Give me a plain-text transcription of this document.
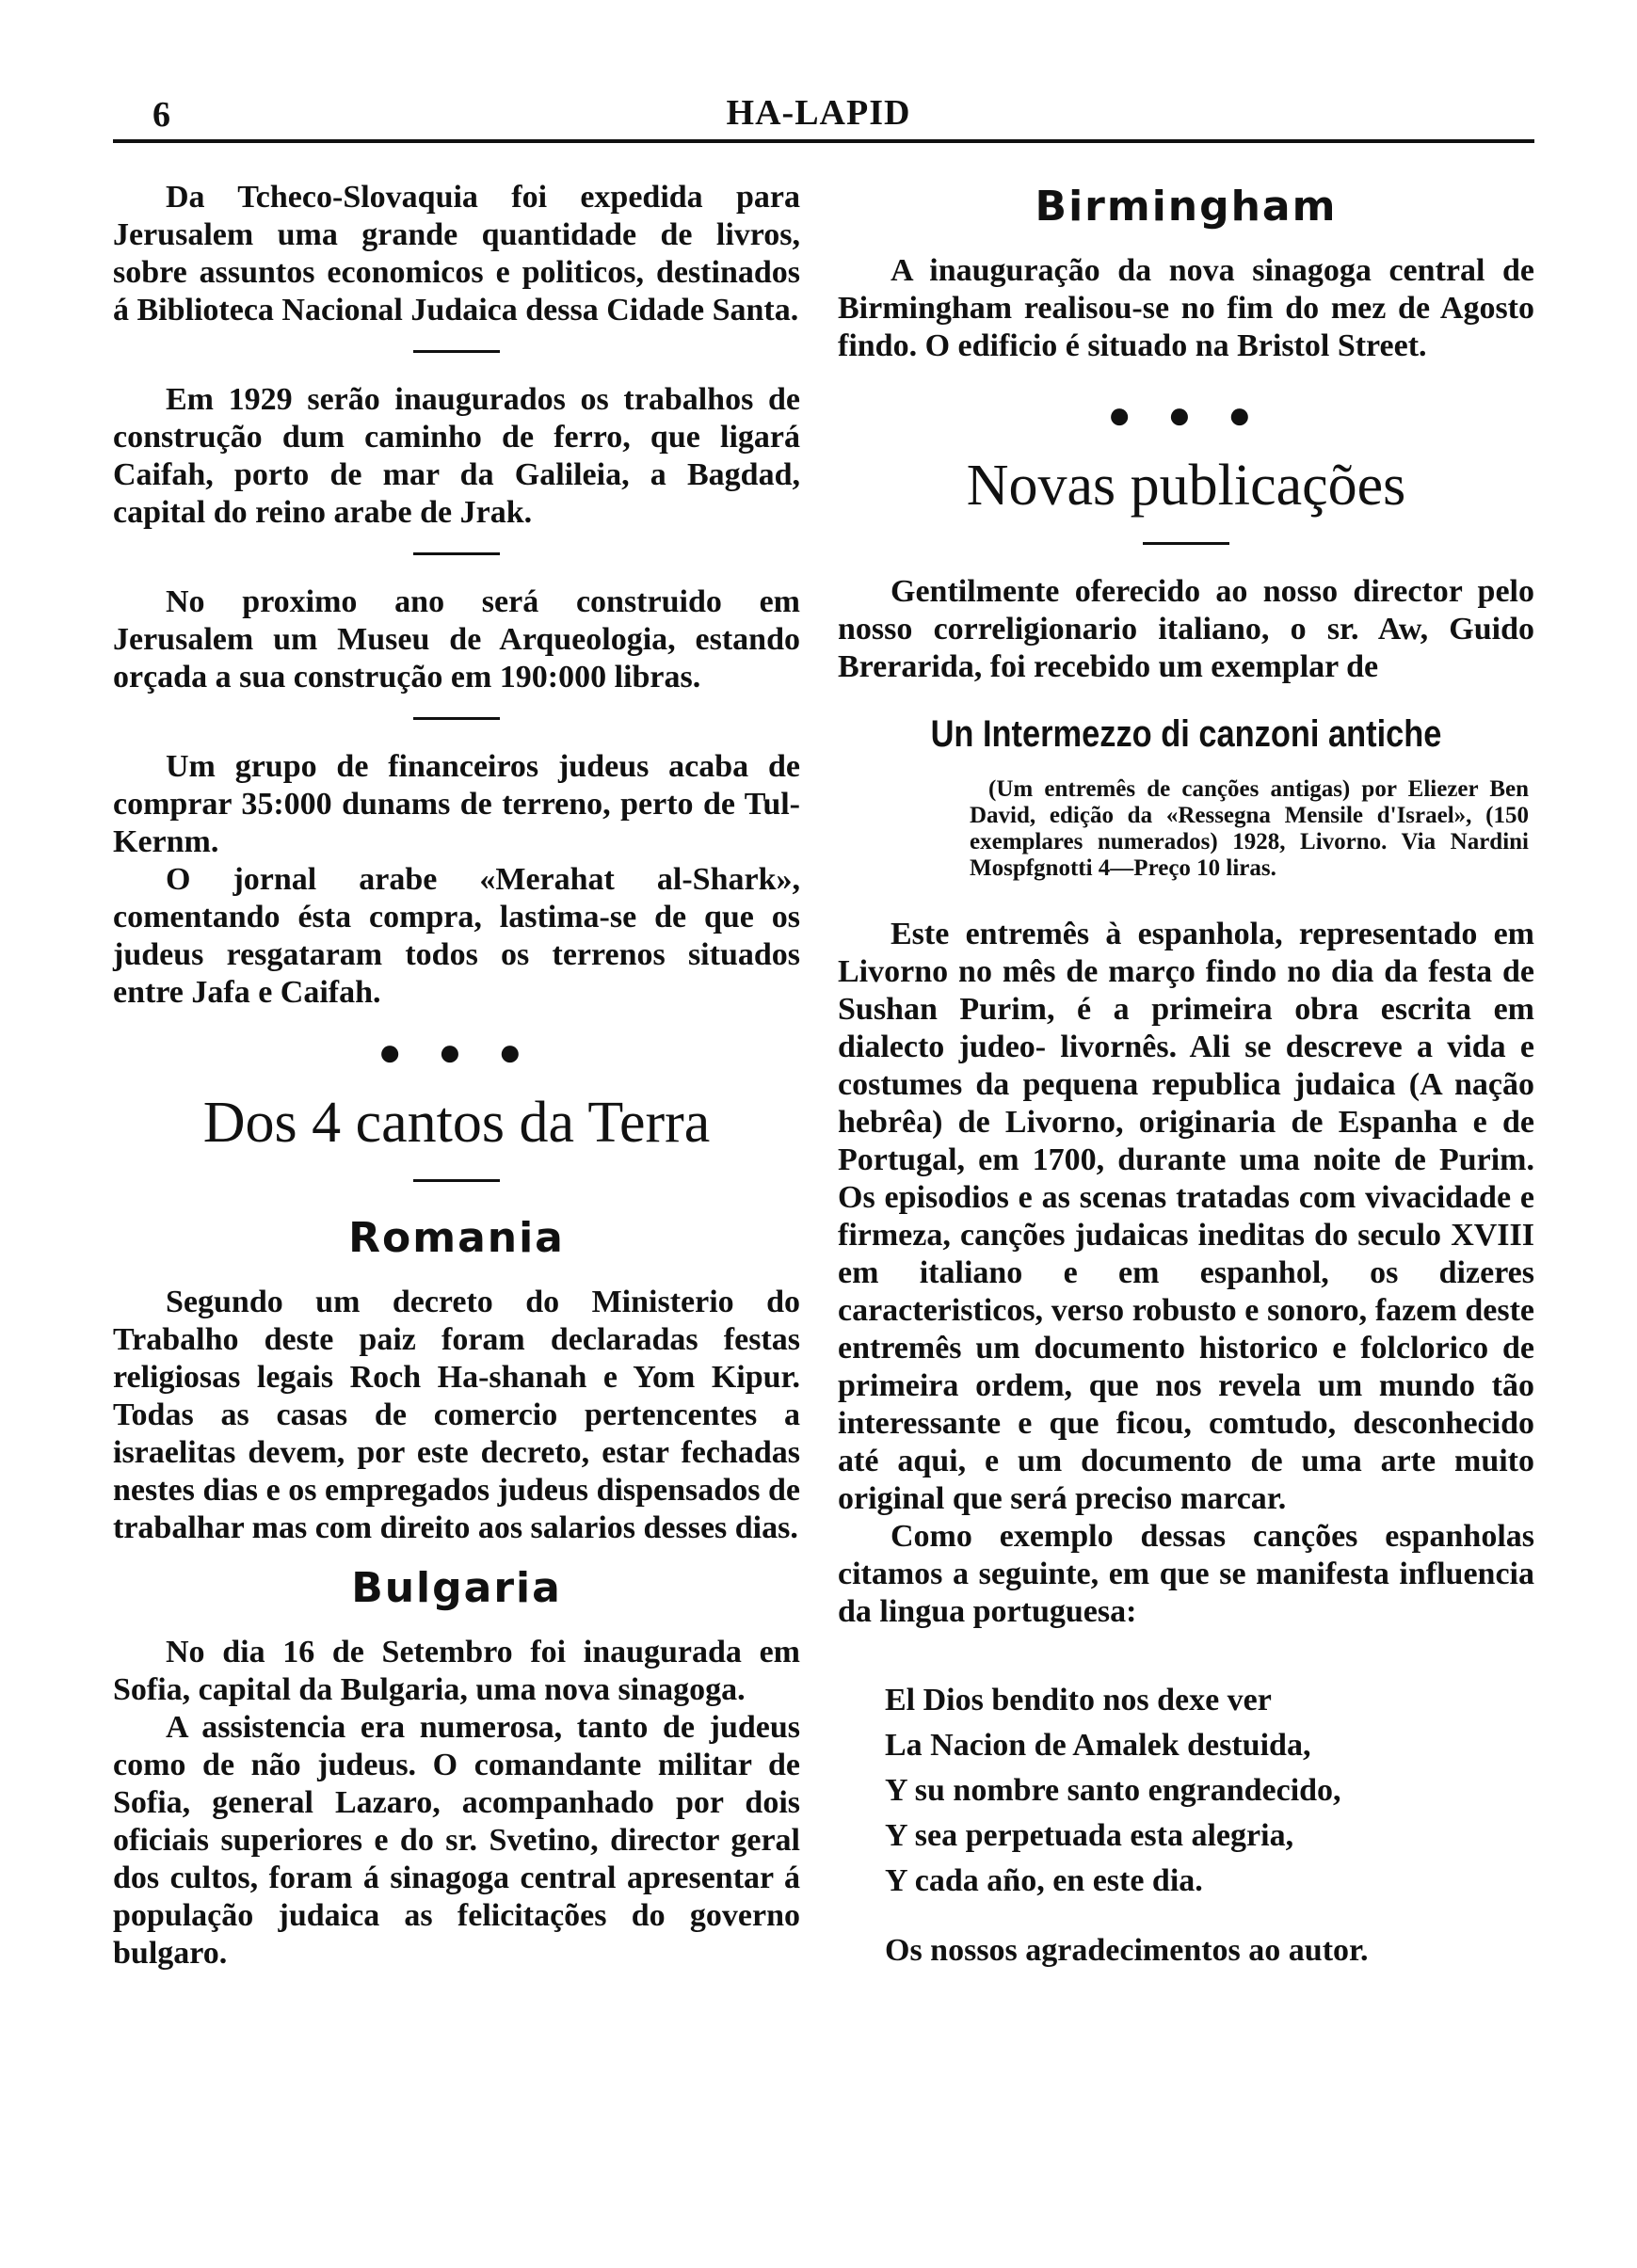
6	HA-LAPID

Da Tcheco-Slovaquia foi expedida para Jerusalem uma grande quantidade de livros, sobre assuntos economicos e politicos, destinados á Biblioteca Nacional Judaica dessa Cidade Santa.

Em 1929 serão inaugurados os trabalhos de construção dum caminho de ferro, que ligará Caifah, porto de mar da Galileia, a Bagdad, capital do reino arabe de Jrak.

No proximo ano será construido em Jerusalem um Museu de Arqueologia, estando orçada a sua construção em 190:000 libras.

Um grupo de financeiros judeus acaba de comprar 35:000 dunams de terreno, perto de Tul-Kernm.

O jornal arabe «Merahat al-Shark», comentando ésta compra, lastima-se de que os judeus resgataram todos os terrenos situados entre Jafa e Caifah.

● ● ●
Dos 4 cantos da Terra
Romania

Segundo um decreto do Ministerio do Trabalho deste paiz foram declaradas festas religiosas legais Roch Ha-shanah e Yom Kipur. Todas as casas de comercio pertencentes a israelitas devem, por este decreto, estar fechadas nestes dias e os empregados judeus dispensados de trabalhar mas com direito aos salarios desses dias.

Bulgaria

No dia 16 de Setembro foi inaugurada em Sofia, capital da Bulgaria, uma nova sinagoga.

A assistencia era numerosa, tanto de judeus como de não judeus. O comandante militar de Sofia, general Lazaro, acompanhado por dois oficiais superiores e do sr. Svetino, director geral dos cultos, foram á sinagoga central apresentar á população judaica as felicitações do governo bulgaro.

Birmingham

A inauguração da nova sinagoga central de Birmingham realisou-se no fim do mez de Agosto findo. O edificio é situado na Bristol Street.

● ● ●
Novas publicações

Gentilmente oferecido ao nosso director pelo nosso correligionario italiano, o sr. Aw, Guido Brerarida, foi recebido um exemplar de

Un Intermezzo di canzoni antiche

(Um entremês de canções antigas) por Eliezer Ben David, edição da «Ressegna Mensile d'Israel», (150 exemplares numerados) 1928, Livorno. Via Nardini Mospfgnotti 4—Preço 10 liras.

Este entremês à espanhola, representado em Livorno no mês de março findo no dia da festa de Sushan Purim, é a primeira obra escrita em dialecto judeo- livornês. Ali se descreve a vida e costumes da pequena republica judaica (A nação hebrêa) de Livorno, originaria de Espanha e de Portugal, em 1700, durante uma noite de Purim. Os episodios e as scenas tratadas com vivacidade e firmeza, canções judaicas ineditas do seculo XVIII em italiano e em espanhol, os dizeres caracteristicos, verso robusto e sonoro, fazem deste entremês um documento historico e folclorico de primeira ordem, que nos revela um mundo tão interessante e que ficou, comtudo, desconhecido até aqui, e um documento de uma arte muito original que será preciso marcar.

Como exemplo dessas canções espanholas citamos a seguinte, em que se manifesta influencia da lingua portuguesa:

El Dios bendito nos dexe ver
La Nacion de Amalek destuida,
Y su nombre santo engrandecido,
Y sea perpetuada esta alegria,
Y cada año, en este dia.
Os nossos agradecimentos ao autor.
